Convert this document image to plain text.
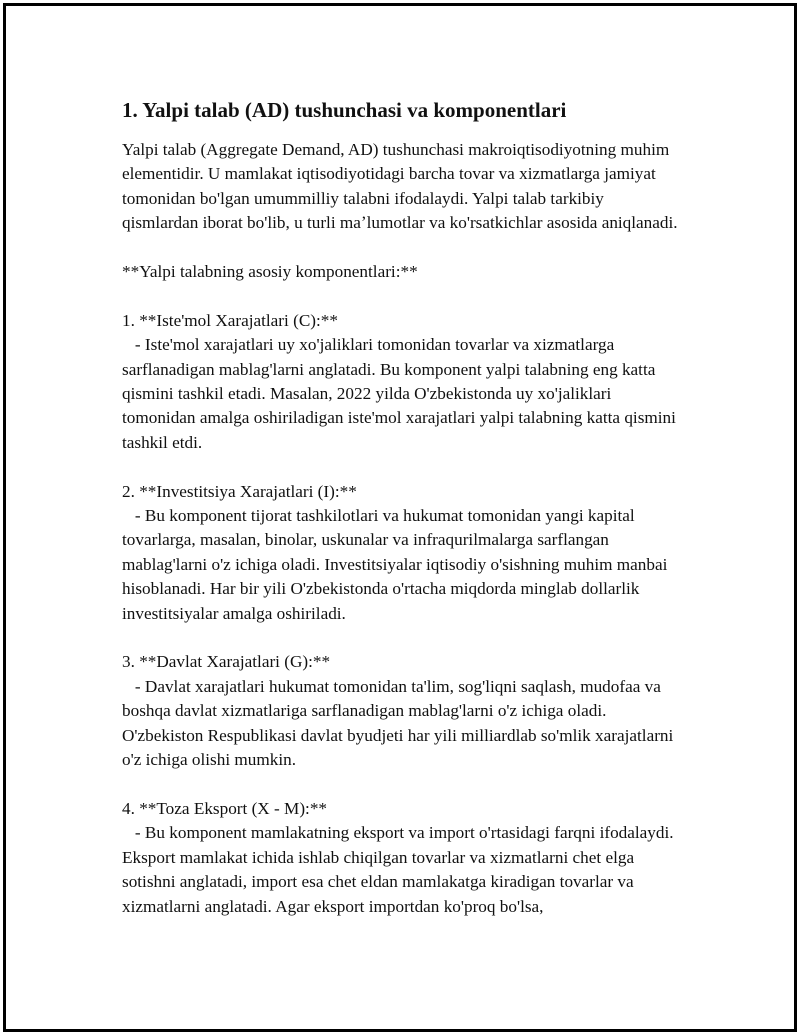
1. Yalpi talab (AD) tushunchasi va komponentlari

Yalpi talab (Aggregate Demand, AD) tushunchasi makroiqtisodiyotning muhim elementidir. U mamlakat iqtisodiyotidagi barcha tovar va xizmatlarga jamiyat tomonidan bo'lgan umummilliy talabni ifodalaydi. Yalpi talab tarkibiy qismlardan iborat bo'lib, u turli maʼlumotlar va ko'rsatkichlar asosida aniqlanadi.

**Yalpi talabning asosiy komponentlari:**

1. **Iste'mol Xarajatlari (C):**

- Iste'mol xarajatlari uy xo'jaliklari tomonidan tovarlar va xizmatlarga sarflanadigan mablag'larni anglatadi. Bu komponent yalpi talabning eng katta qismini tashkil etadi. Masalan, 2022 yilda O'zbekistonda uy xo'jaliklari tomonidan amalga oshiriladigan iste'mol xarajatlari yalpi talabning katta qismini tashkil etdi.

2. **Investitsiya Xarajatlari (I):**

- Bu komponent tijorat tashkilotlari va hukumat tomonidan yangi kapital tovarlarga, masalan, binolar, uskunalar va infraqurilmalarga sarflangan mablag'larni o'z ichiga oladi. Investitsiyalar iqtisodiy o'sishning muhim manbai hisoblanadi. Har bir yili O'zbekistonda o'rtacha miqdorda minglab dollarlik investitsiyalar amalga oshiriladi.

3. **Davlat Xarajatlari (G):**

- Davlat xarajatlari hukumat tomonidan ta'lim, sog'liqni saqlash, mudofaa va boshqa davlat xizmatlariga sarflanadigan mablag'larni o'z ichiga oladi. O'zbekiston Respublikasi davlat byudjeti har yili milliardlab so'mlik xarajatlarni o'z ichiga olishi mumkin.

4. **Toza Eksport (X - M):**

- Bu komponent mamlakatning eksport va import o'rtasidagi farqni ifodalaydi. Eksport mamlakat ichida ishlab chiqilgan tovarlar va xizmatlarni chet elga sotishni anglatadi, import esa chet eldan mamlakatga kiradigan tovarlar va xizmatlarni anglatadi. Agar eksport importdan ko'proq bo'lsa,
